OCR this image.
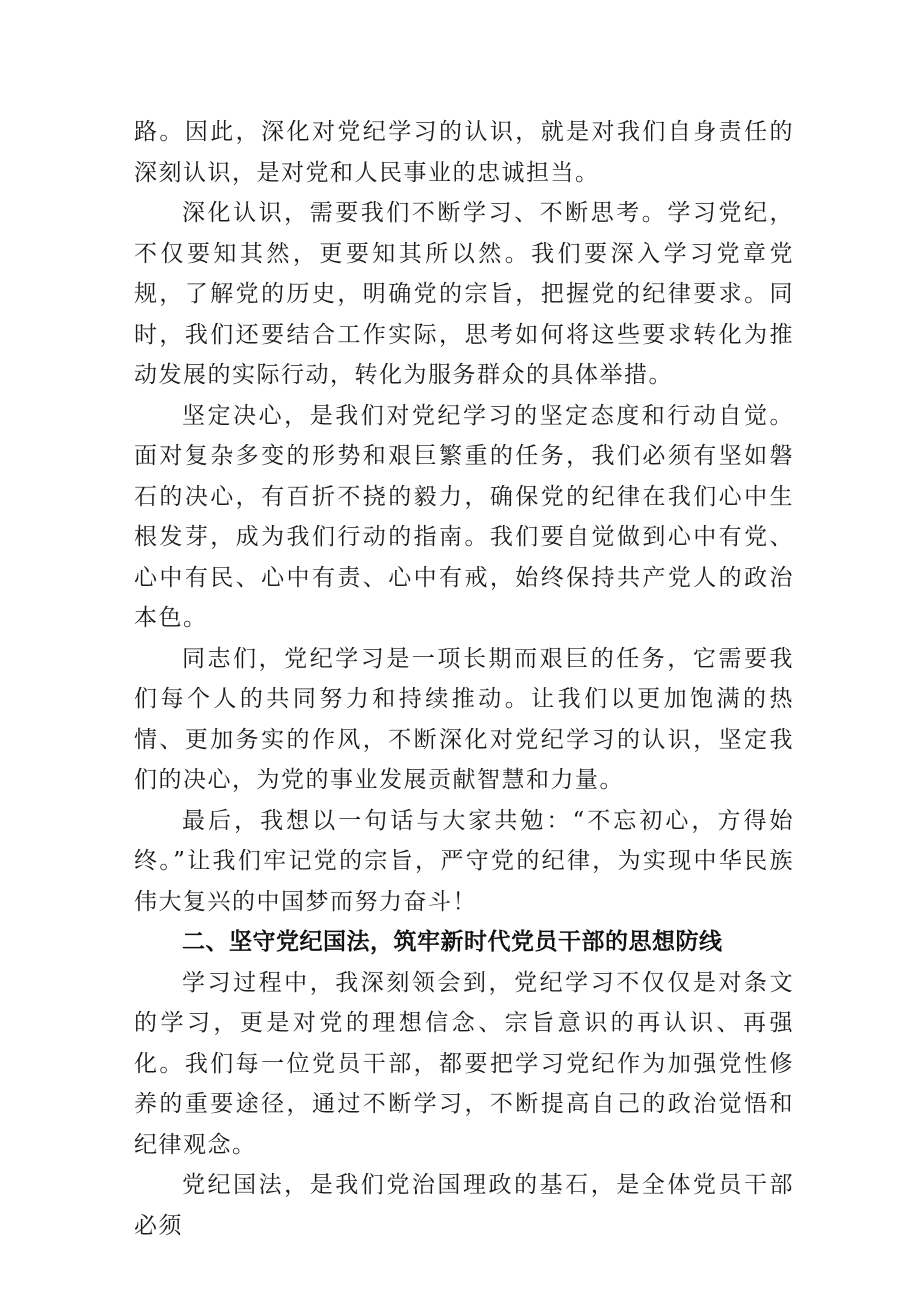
路。因此，深化对党纪学习的认识，就是对我们自身责任的深刻认识，是对党和人民事业的忠诚担当。

深化认识，需要我们不断学习、不断思考。学习党纪，不仅要知其然，更要知其所以然。我们要深入学习党章党规，了解党的历史，明确党的宗旨，把握党的纪律要求。同时，我们还要结合工作实际，思考如何将这些要求转化为推动发展的实际行动，转化为服务群众的具体举措。

坚定决心，是我们对党纪学习的坚定态度和行动自觉。面对复杂多变的形势和艰巨繁重的任务，我们必须有坚如磐石的决心，有百折不挠的毅力，确保党的纪律在我们心中生根发芽，成为我们行动的指南。我们要自觉做到心中有党、心中有民、心中有责、心中有戒，始终保持共产党人的政治本色。

同志们，党纪学习是一项长期而艰巨的任务，它需要我们每个人的共同努力和持续推动。让我们以更加饱满的热情、更加务实的作风，不断深化对党纪学习的认识，坚定我们的决心，为党的事业发展贡献智慧和力量。

最后，我想以一句话与大家共勉：“不忘初心，方得始终。”让我们牢记党的宗旨，严守党的纪律，为实现中华民族伟大复兴的中国梦而努力奋斗！

二、坚守党纪国法，筑牢新时代党员干部的思想防线

学习过程中，我深刻领会到，党纪学习不仅仅是对条文的学习，更是对党的理想信念、宗旨意识的再认识、再强化。我们每一位党员干部，都要把学习党纪作为加强党性修养的重要途径，通过不断学习，不断提高自己的政治觉悟和纪律观念。

党纪国法，是我们党治国理政的基石，是全体党员干部必须
